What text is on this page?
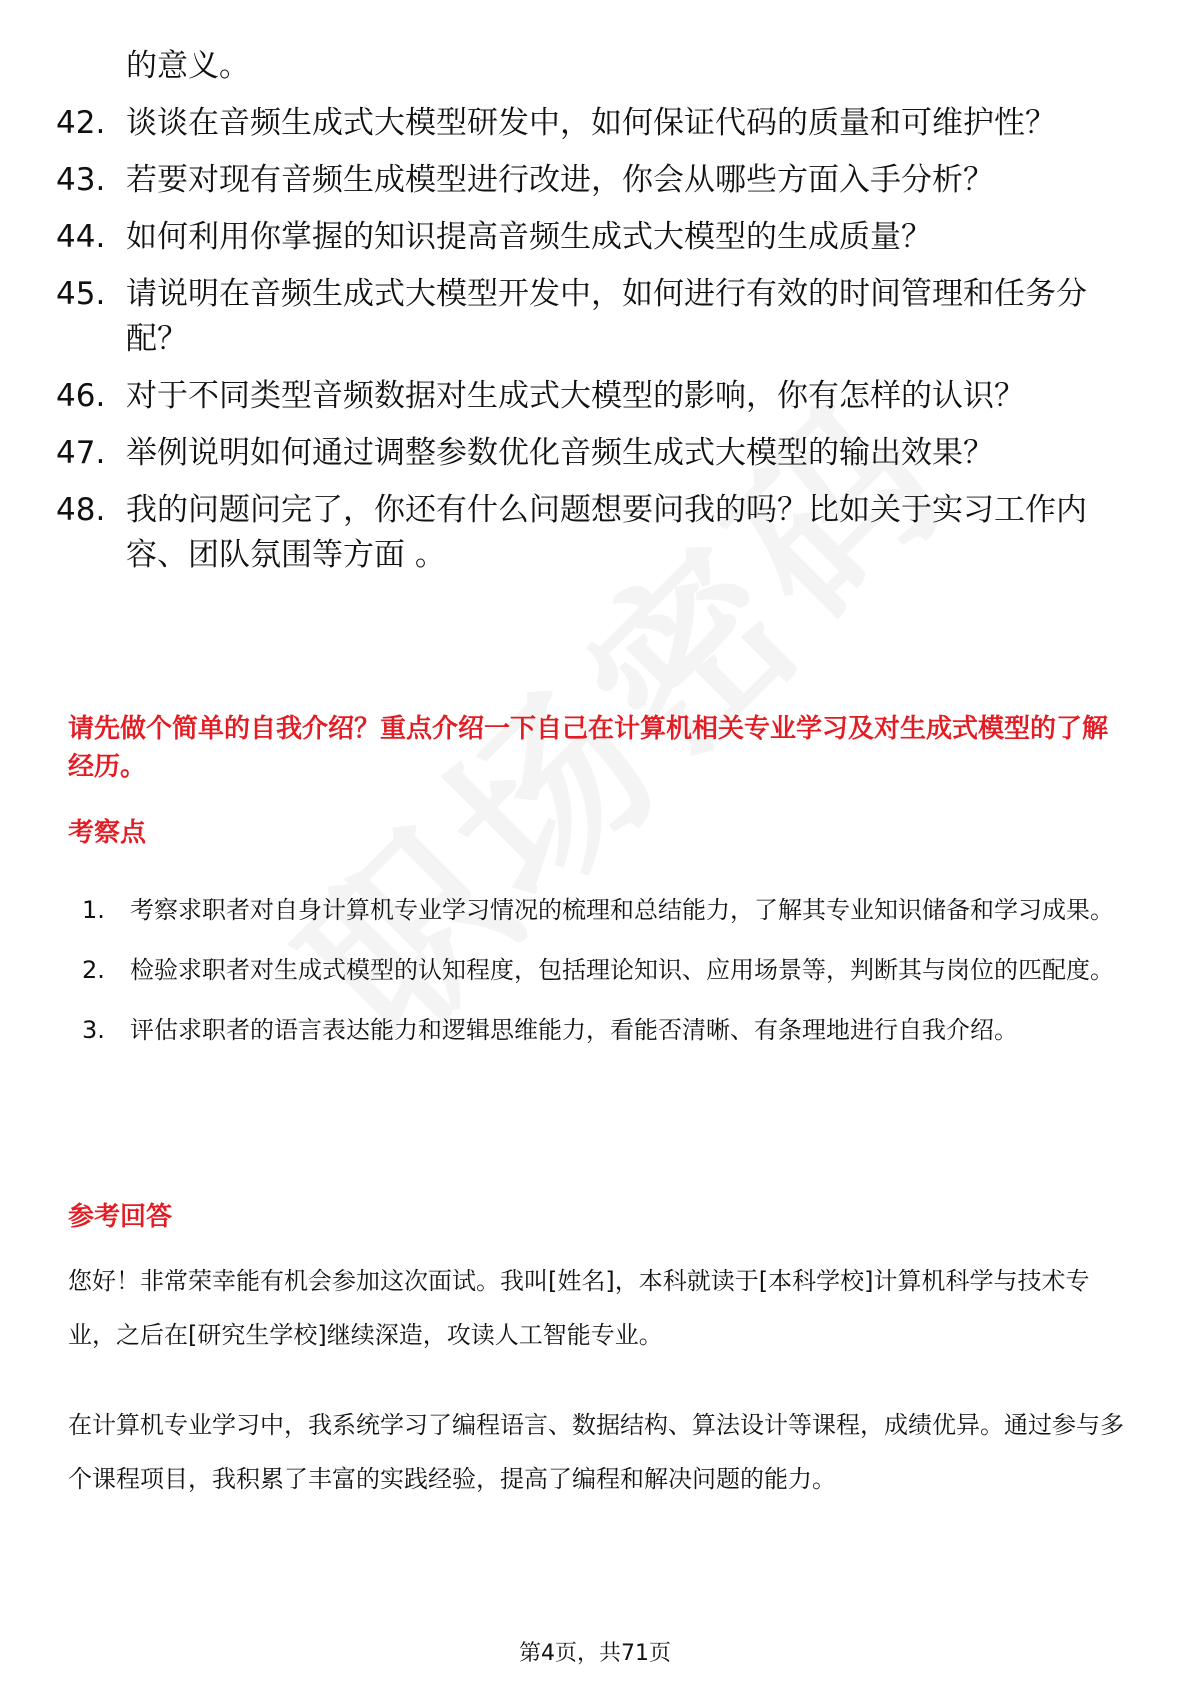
的意义。
42. 谈谈在音频生成式大模型研发中，如何保证代码的质量和可维护性？
43. 若要对现有音频生成模型进行改进，你会从哪些方面入手分析？
44. 如何利用你掌握的知识提高音频生成式大模型的生成质量？
45. 请说明在音频生成式大模型开发中，如何进行有效的时间管理和任务分配？
46. 对于不同类型音频数据对生成式大模型的影响，你有怎样的认识？
47. 举例说明如何通过调整参数优化音频生成式大模型的输出效果？
48. 我的问题问完了，你还有什么问题想要问我的吗？比如关于实习工作内容、团队氛围等方面 。
请先做个简单的自我介绍？重点介绍一下自己在计算机相关专业学习及对生成式模型的了解经历。
考察点
1.	考察求职者对自身计算机专业学习情况的梳理和总结能力，了解其专业知识储备和学习成果。
2.	检验求职者对生成式模型的认知程度，包括理论知识、应用场景等，判断其与岗位的匹配度。
3.	评估求职者的语言表达能力和逻辑思维能力，看能否清晰、有条理地进行自我介绍。
参考回答
您好！非常荣幸能有机会参加这次面试。我叫[姓名]，本科就读于[本科学校]计算机科学与技术专业，之后在[研究生学校]继续深造，攻读人工智能专业。
在计算机专业学习中，我系统学习了编程语言、数据结构、算法设计等课程，成绩优异。通过参与多个课程项目，我积累了丰富的实践经验，提高了编程和解决问题的能力。
第4页，共71页
